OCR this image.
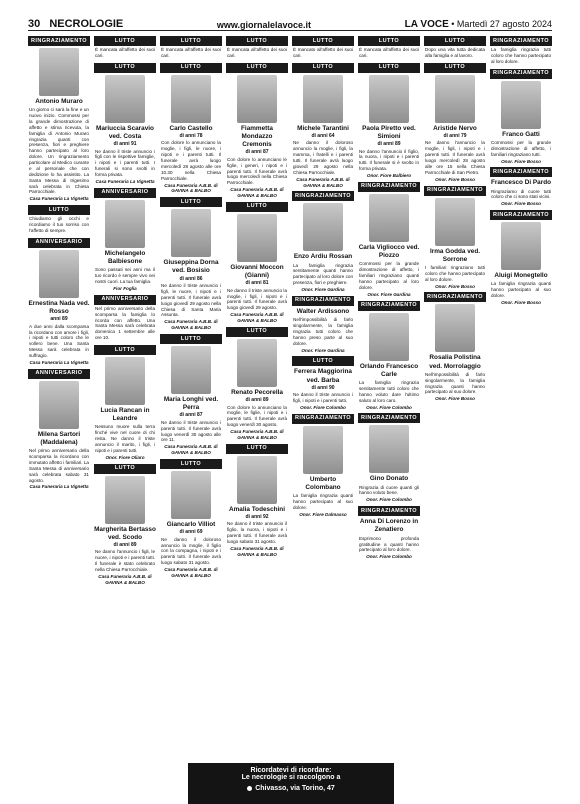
30 NECROLOGIE	www.giornalelavoce.it	LA VOCE • Martedì 27 agosto 2024
RINGRAZIAMENTO
Antonio Muraro
Un giorno ci sarà la fine e un nuovo inizio. Commossi per la grande dimostrazione di affetto e stima ricevuta, la famiglia di Antonio Muraro ringrazia quanti con presenza, fiori e preghiere hanno partecipato al loro dolore. Un ringraziamento particolare al Medico curante e al personale che con dedizione lo ha assistito. La Santa Messa di trigesimo sarà celebrata in Chiesa Parrocchiale.
Casa Funeraria La Vignetta
LUTTO
Chiudiamo gli occhi e ricordiamo il tuo sorriso con l'affetto di sempre.
ANNIVERSARIO
Ernestina Nada ved. Rosso
anni 89
A due anni dalla scomparsa la ricordano con amore i figli, i nipoti e tutti coloro che le vollero bene. Una Santa Messa sarà celebrata in suffragio.
Casa Funeraria La Vignetta
ANNIVERSARIO
Milena Sartori (Maddalena)
Nel primo anniversario della scomparsa la ricordano con immutato affetto i familiari. La Santa Messa di anniversario sarà celebrata sabato 31 agosto.
Casa Funeraria La Vignetta
LUTTO
È mancata all'affetto dei suoi cari.
LUTTO
Mariuccia Scaravio ved. Costa
di anni 91
Ne danno il triste annuncio i figli con le rispettive famiglie, i nipoti e i parenti tutti. I funerali si sono svolti in forma privata.
Casa Funeraria La Vignetta
ANNIVERSARIO
Michelangelo Balbiesone
Sono passati sei anni ma il tuo ricordo è sempre vivo nei nostri cuori. La tua famiglia.
Fior Foglia
ANNIVERSARIO
Nel primo anniversario della scomparsa la famiglia lo ricorda con affetto. Una Santa Messa sarà celebrata domenica 1 settembre alle ore 10.
LUTTO
Lucia Rancan in Leandre
Nessuno muore sulla terra finché vive nel cuore di chi resta. Ne danno il triste annuncio il marito, i figli, i nipoti e i parenti tutti.
Onor. Fiore Oliaro
LUTTO
Margherita Bertasso ved. Scodo
di anni 89
Ne danno l'annuncio i figli, le nuore, i nipoti e i parenti tutti. Il funerale è stato celebrato nella Chiesa Parrocchiale.
Casa Funeraria A.B.B. di GAVINA & BALBO
LUTTO
È mancata all'affetto dei suoi cari.
LUTTO
Carlo Castello
di anni 78
Con dolore lo annunciano la moglie, i figli, le nuore, i nipoti e i parenti tutti. Il funerale avrà luogo mercoledì 28 agosto alle ore 10.30 nella Chiesa Parrocchiale.
Casa Funeraria A.B.B. di GAVINA & BALBO
LUTTO
Giuseppina Dorna ved. Bosisio
di anni 86
Ne danno il triste annuncio i figli, le nuore, i nipoti e i parenti tutti. Il funerale avrà luogo giovedì 29 agosto nella Chiesa di Santa Maria Assunta.
Casa Funeraria A.B.B. di GAVINA & BALBO
LUTTO
Maria Longhi ved. Perra
di anni 87
Ne danno il triste annuncio i parenti tutti. Il funerale avrà luogo venerdì 30 agosto alle ore 11.
Casa Funeraria A.B.B. di GAVINA & BALBO
LUTTO
Giancarlo Villiot
di anni 69
Ne danno il doloroso annuncio la moglie, il figlio con la compagna, i nipoti e i parenti tutti. Il funerale avrà luogo sabato 31 agosto.
Casa Funeraria A.B.B. di GAVINA & BALBO
LUTTO
È mancata all'affetto dei suoi cari.
LUTTO
Fiammetta Mondazzo Cremonis
di anni 87
Con dolore lo annunciano le figlie, i generi, i nipoti e i parenti tutti. Il funerale avrà luogo mercoledì nella Chiesa Parrocchiale.
Casa Funeraria A.B.B. di GAVINA & BALBO
LUTTO
Giovanni Moccon (Gianni)
di anni 81
Ne danno il triste annuncio la moglie, i figli, i nipoti e i parenti tutti. Il funerale avrà luogo giovedì 29 agosto.
Casa Funeraria A.B.B. di GAVINA & BALBO
LUTTO
Renato Pecorella
di anni 89
Con dolore lo annunciano la moglie, le figlie, i nipoti e i parenti tutti. Il funerale avrà luogo venerdì 30 agosto.
Casa Funeraria A.B.B. di GAVINA & BALBO
LUTTO
Amalia Todeschini
di anni 92
Ne danno il triste annuncio il figlio, la nuora, i nipoti e i parenti tutti. Il funerale avrà luogo sabato 31 agosto.
Casa Funeraria A.B.B. di GAVINA & BALBO
LUTTO
È mancato all'affetto dei suoi cari.
LUTTO
Michele Tarantini
di anni 64
Ne danno il doloroso annuncio la moglie, i figli, la mamma, i fratelli e i parenti tutti. Il funerale avrà luogo giovedì 29 agosto nella Chiesa Parrocchiale.
Casa Funeraria A.B.B. di GAVINA & BALBO
RINGRAZIAMENTO
Enzo Ardiu Rossan
La famiglia ringrazia sentitamente quanti hanno partecipato al loro dolore con presenza, fiori e preghiere.
Onor. Fiore Gardina
RINGRAZIAMENTO
Walter Ardissono
Nell'impossibilità di farlo singolarmente, la famiglia ringrazia tutti coloro che hanno preso parte al suo dolore.
Onor. Fiore Gardina
LUTTO
Ferrera Maggiorina ved. Barba
di anni 90
Ne danno il triste annuncio i figli, i nipoti e i parenti tutti.
Onor. Fiore Colombo
RINGRAZIAMENTO
Umberto Colombano
La famiglia ringrazia quanti hanno partecipato al suo dolore.
Onor. Fiore Dalmasso
LUTTO
È mancata all'affetto dei suoi cari.
LUTTO
Paola Piretto ved. Simioni
di anni 89
Ne danno l'annuncio il figlio, la nuora, i nipoti e i parenti tutti. Il funerale si è svolto in forma privata.
Onor. Fiore Balbiero
RINGRAZIAMENTO
Carla Vigliocco ved. Piozzo
Commossi per la grande dimostrazione di affetto, i familiari ringraziano quanti hanno partecipato al loro dolore.
Onor. Fiore Gardina
RINGRAZIAMENTO
Orlando Francesco Carle
La famiglia ringrazia sentitamente tutti coloro che hanno voluto dare l'ultimo saluto al loro caro.
Onor. Fiore Colombo
RINGRAZIAMENTO
Gino Donato
Ringrazia di cuore quanti gli hanno voluto bene.
Onor. Fiore Colombo
RINGRAZIAMENTO
Anna Di Lorenzo in Zenatiero
Esprimono profonda gratitudine a quanti hanno partecipato al loro dolore.
Onor. Fiore Colombo
LUTTO
Dopo una vita tutta dedicata alla famiglia e al lavoro.
LUTTO
Aristide Nervo
di anni 79
Ne danno l'annuncio la moglie, i figli, i nipoti e i parenti tutti. Il funerale avrà luogo mercoledì 28 agosto alle ore 15 nella Chiesa Parrocchiale di San Pietro.
Onor. Fiore Bosso
RINGRAZIAMENTO
Irma Godda ved. Sorrone
I familiari ringraziano tutti coloro che hanno partecipato al loro dolore.
Onor. Fiore Bosso
RINGRAZIAMENTO
Rosalia Polistina ved. Morrolaggio
Nell'impossibilità di farlo singolarmente, la famiglia ringrazia quanti hanno partecipato al suo dolore.
Onor. Fiore Bosso
RINGRAZIAMENTO
La famiglia ringrazia tutti coloro che hanno partecipato al loro dolore.
RINGRAZIAMENTO
Franco Gatti
Commossi per la grande dimostrazione di affetto, i familiari ringraziano tutti.
Onor. Fiore Bosso
RINGRAZIAMENTO
Francesco Di Pardo
Ringraziamo di cuore tutti coloro che ci sono stati vicini.
Onor. Fiore Bosso
RINGRAZIAMENTO
Aluigi Monegtello
La famiglia ringrazia quanti hanno partecipato al suo dolore.
Onor. Fiore Bosso
Ricordatevi di ricordare:
Le necrologie si raccolgono a
Chivasso, via Torino, 47
